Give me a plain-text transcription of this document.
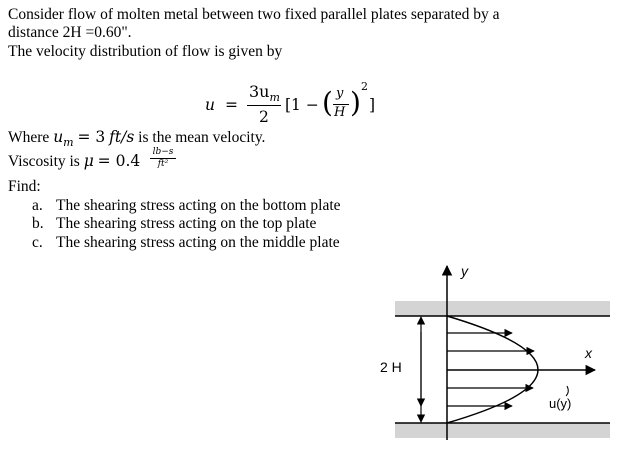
Consider flow of molten metal between two fixed parallel plates separated by a
distance 2H =0.60".
The velocity distribution of flow is given by
u =
$3u_m$
2
[1 − ( y
H ) 2
]
Where $u_m = 3$ ft/s is the mean velocity.
Viscosity is μ = 0.4	lb−s
ft²
Find:
a. The shearing stress acting on the bottom plate
b. The shearing stress acting on the top plate
c. The shearing stress acting on the middle plate
y
x
2 H
u(y)
